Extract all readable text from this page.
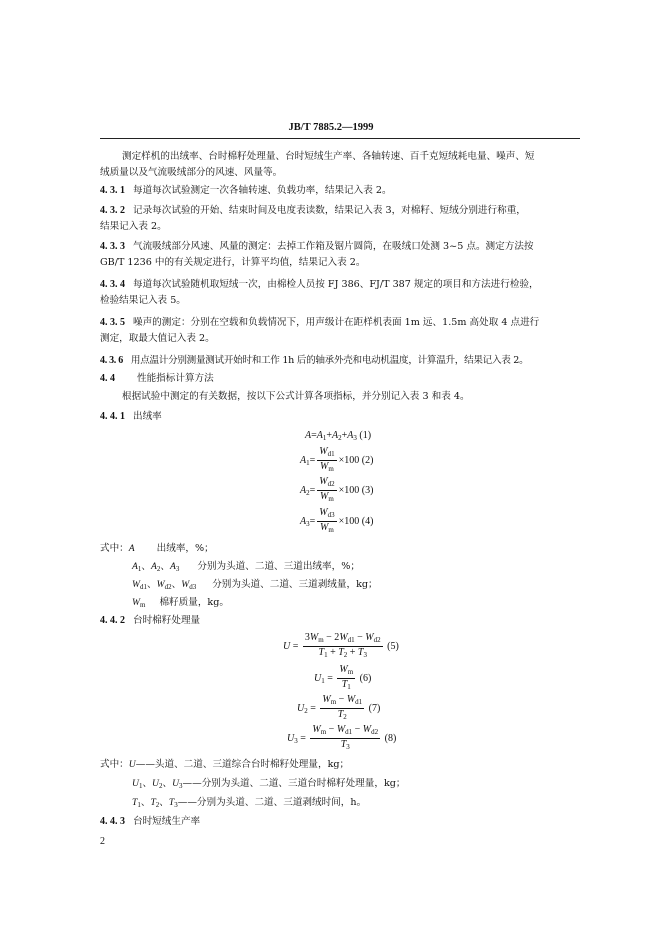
JB/T 7885.2—1999
测定样机的出绒率、台时棉籽处理量、台时短绒生产率、各轴转速、百千克短绒耗电量、噪声、短
绒质量以及气流吸绒部分的风速、风量等。
4. 3. 1 每道每次试验测定一次各轴转速、负载功率，结果记入表 2。
4. 3. 2 记录每次试验的开始、结束时间及电度表读数，结果记入表 3，对棉籽、短绒分别进行称重，
结果记入表 2。
4. 3. 3 气流吸绒部分风速、风量的测定：去掉工作箱及锯片圆筒，在吸绒口处测 3~5 点。测定方法按
GB/T 1236 中的有关规定进行，计算平均值，结果记入表 2。
4. 3. 4 每道每次试验随机取短绒一次，由棉检人员按 FJ 386、FJ/T 387 规定的项目和方法进行检验，
检验结果记入表 5。
4. 3. 5 噪声的测定：分别在空载和负载情况下，用声级计在距样机表面 1m 远、1.5m 高处取 4 点进行
测定，取最大值记入表 2。
4. 3. 6 用点温计分别测量测试开始时和工作 1h 后的轴承外壳和电动机温度，计算温升，结果记入表 2。
4. 4 性能指标计算方法
根据试验中测定的有关数据，按以下公式计算各项指标，并分别记入表 3 和表 4。
4. 4. 1 出绒率
$A=A_1+A_2+A_3$ (1)
$A_1= \frac{W_{d1}}{W_m} \times 100$ (2)
$A_2= \frac{W_{d2}}{W_m} \times 100$ (3)
$A_3= \frac{W_{d3}}{W_m} \times 100$ (4)
式中：A 出绒率，%；
$A_1$、$A_2$、$A_3$ 分别为头道、二道、三道出绒率，%；
$W_{d1}$、$W_{d2}$、$W_{d3}$ 分别为头道、二道、三道剥绒量，kg；
$W_m$ 棉籽质量，kg。
4. 4. 2 台时棉籽处理量
$U = \frac{3W_m - 2W_{d1} - W_{d2}}{T_1 + T_2 + T_3} (5)$
$U_1 = \frac{W_m}{T_1} (6)$
$U_2 = \frac{W_m - W_{d1}}{T_2} (7)$
$U_3 = \frac{W_m - W_{d1} - W_{d2}}{T_3} (8)$
式中：U——头道、二道、三道综合台时棉籽处理量，kg；
$U_1$、$U_2$、$U_3——$分别为头道、二道、三道台时棉籽处理量，kg；
$T_1$、$T_2$、$T_3——$分别为头道、二道、三道剥绒时间，h。
4. 4. 3 台时短绒生产率
2
